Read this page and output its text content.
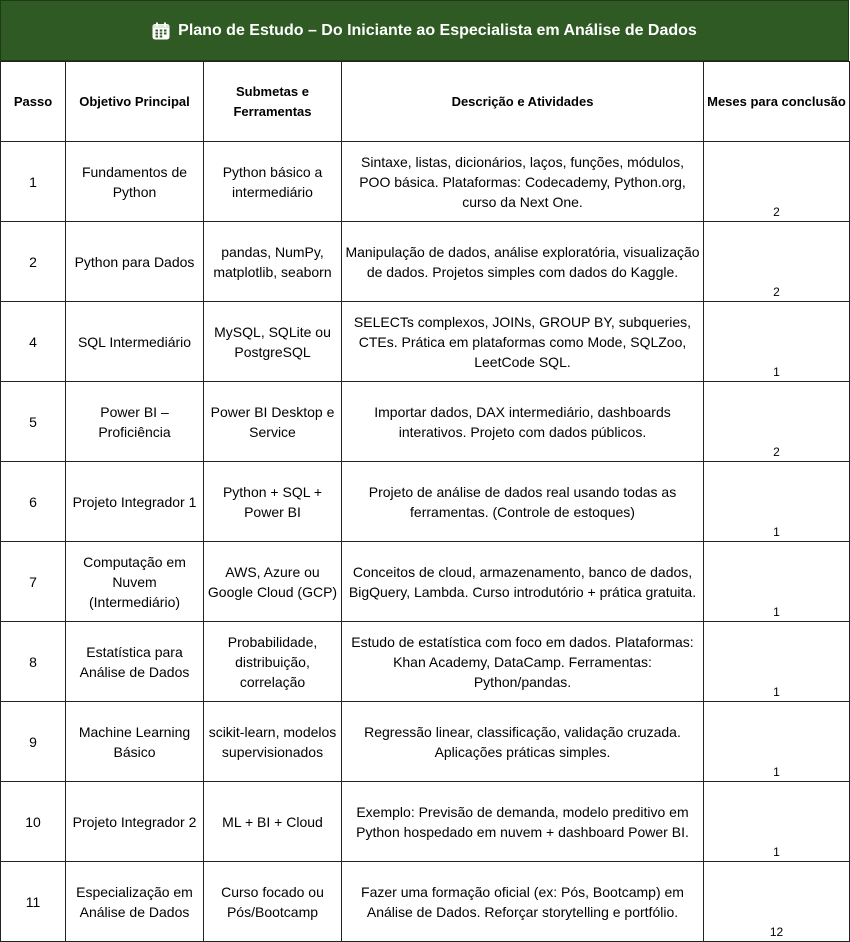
Plano de Estudo – Do Iniciante ao Especialista em Análise de Dados
Passo	Objetivo Principal	Submetas e Ferramentas	Descrição e Atividades	Meses para conclusão
1	Fundamentos de Python	Python básico a intermediário	Sintaxe, listas, dicionários, laços, funções, módulos, POO básica. Plataformas: Codecademy, Python.org, curso da Next One.	2
2	Python para Dados	pandas, NumPy, matplotlib, seaborn	Manipulação de dados, análise exploratória, visualização de dados. Projetos simples com dados do Kaggle.	2
4	SQL Intermediário	MySQL, SQLite ou PostgreSQL	SELECTs complexos, JOINs, GROUP BY, subqueries, CTEs. Prática em plataformas como Mode, SQLZoo, LeetCode SQL.	1
5	Power BI – Proficiência	Power BI Desktop e Service	Importar dados, DAX intermediário, dashboards interativos. Projeto com dados públicos.	2
6	Projeto Integrador 1	Python + SQL + Power BI	Projeto de análise de dados real usando todas as ferramentas. (Controle de estoques)	1
7	Computação em Nuvem (Intermediário)	AWS, Azure ou Google Cloud (GCP)	Conceitos de cloud, armazenamento, banco de dados, BigQuery, Lambda. Curso introdutório + prática gratuita.	1
8	Estatística para Análise de Dados	Probabilidade, distribuição, correlação	Estudo de estatística com foco em dados. Plataformas: Khan Academy, DataCamp. Ferramentas: Python/pandas.	1
9	Machine Learning Básico	scikit-learn, modelos supervisionados	Regressão linear, classificação, validação cruzada. Aplicações práticas simples.	1
10	Projeto Integrador 2	ML + BI + Cloud	Exemplo: Previsão de demanda, modelo preditivo em Python hospedado em nuvem + dashboard Power BI.	1
11	Especialização em Análise de Dados	Curso focado ou Pós/Bootcamp	Fazer uma formação oficial (ex: Pós, Bootcamp) em Análise de Dados. Reforçar storytelling e portfólio.	12
